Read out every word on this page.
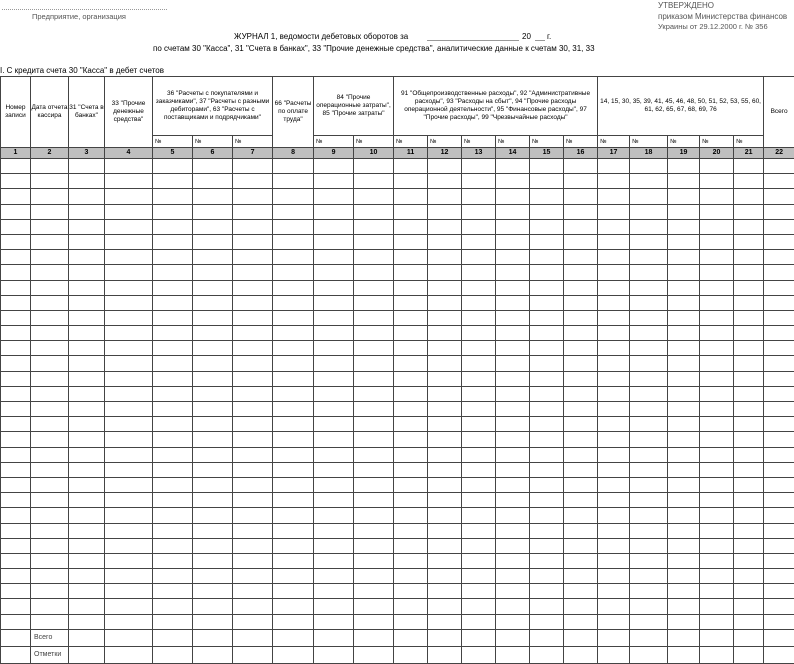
Предприятие, организация
УТВЕРЖДЕНО
приказом Министерства финансов
Украины от 29.12.2000 г. № 356
ЖУРНАЛ 1, ведомости дебетовых оборотов за	20 г.
по счетам 30 "Касса", 31 "Счета в банках", 33 "Прочие денежные средства", аналитические данные к счетам 30, 31, 33
I. С кредита счета 30 "Касса" в дебет счетов
Номер записи	Дата отчета кассира	31 "Счета в банках"	33 "Прочие денежные средства"	36 "Расчеты с покупателями и заказчиками", 37 "Расчеты с разными дебиторами", 63 "Расчеты с поставщиками и подрядчиками"			66 "Расчеты по оплате труда"	84 "Прочие операционные затраты", 85 "Прочие затраты"		91 "Общепроизводственные расходы", 92 "Административные расходы", 93 "Расходы на сбыт", 94 "Прочие расходы операционной деятельности", 95 "Финансовые расходы", 97 "Прочие расходы", 99 "Чрезвычайные расходы"						14, 15, 30, 35, 39, 41, 45, 46, 48, 50, 51, 52, 53, 55, 60, 61, 62, 65, 67, 68, 69, 76					Всего
				№	№	№		№	№	№	№	№	№	№	№	№	№	№	№	№	
1	2	3	4	5	6	7	8	9	10	11	12	13	14	15	16	17	18	19	20	21	22

	Всего																				
	Отметки																				
